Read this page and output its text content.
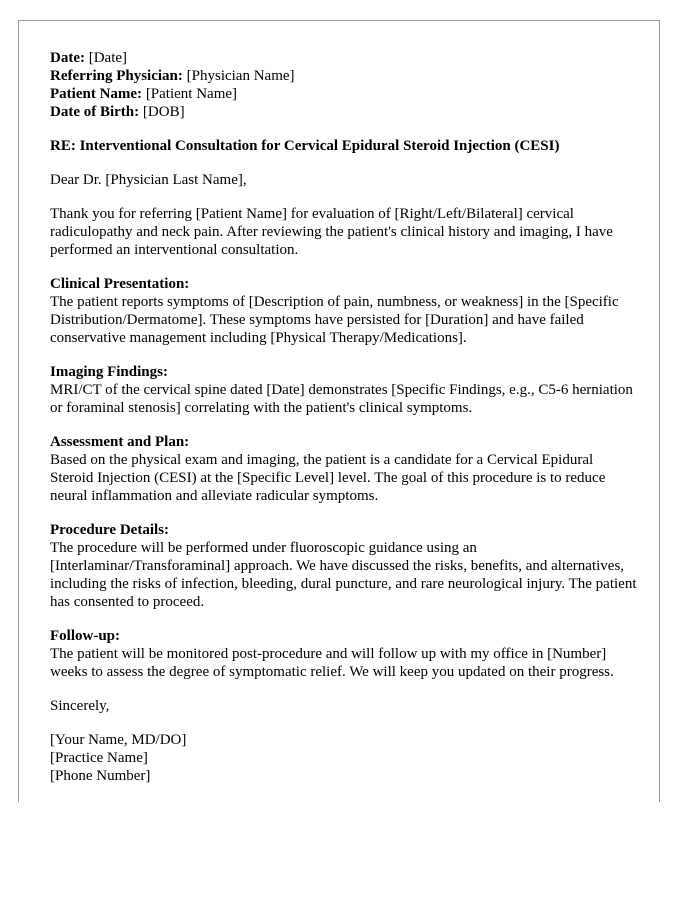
Date: [Date]
Referring Physician: [Physician Name]
Patient Name: [Patient Name]
Date of Birth: [DOB]

RE: Interventional Consultation for Cervical Epidural Steroid Injection (CESI)

Dear Dr. [Physician Last Name],

Thank you for referring [Patient Name] for evaluation of [Right/Left/Bilateral] cervical radiculopathy and neck pain. After reviewing the patient's clinical history and imaging, I have performed an interventional consultation.

Clinical Presentation:
The patient reports symptoms of [Description of pain, numbness, or weakness] in the [Specific Distribution/Dermatome]. These symptoms have persisted for [Duration] and have failed conservative management including [Physical Therapy/Medications].

Imaging Findings:
MRI/CT of the cervical spine dated [Date] demonstrates [Specific Findings, e.g., C5-6 herniation or foraminal stenosis] correlating with the patient's clinical symptoms.

Assessment and Plan:
Based on the physical exam and imaging, the patient is a candidate for a Cervical Epidural Steroid Injection (CESI) at the [Specific Level] level. The goal of this procedure is to reduce neural inflammation and alleviate radicular symptoms.

Procedure Details:
The procedure will be performed under fluoroscopic guidance using an [Interlaminar/Transforaminal] approach. We have discussed the risks, benefits, and alternatives, including the risks of infection, bleeding, dural puncture, and rare neurological injury. The patient has consented to proceed.

Follow-up:
The patient will be monitored post-procedure and will follow up with my office in [Number] weeks to assess the degree of symptomatic relief. We will keep you updated on their progress.

Sincerely,

[Your Name, MD/DO]
[Practice Name]
[Phone Number]
